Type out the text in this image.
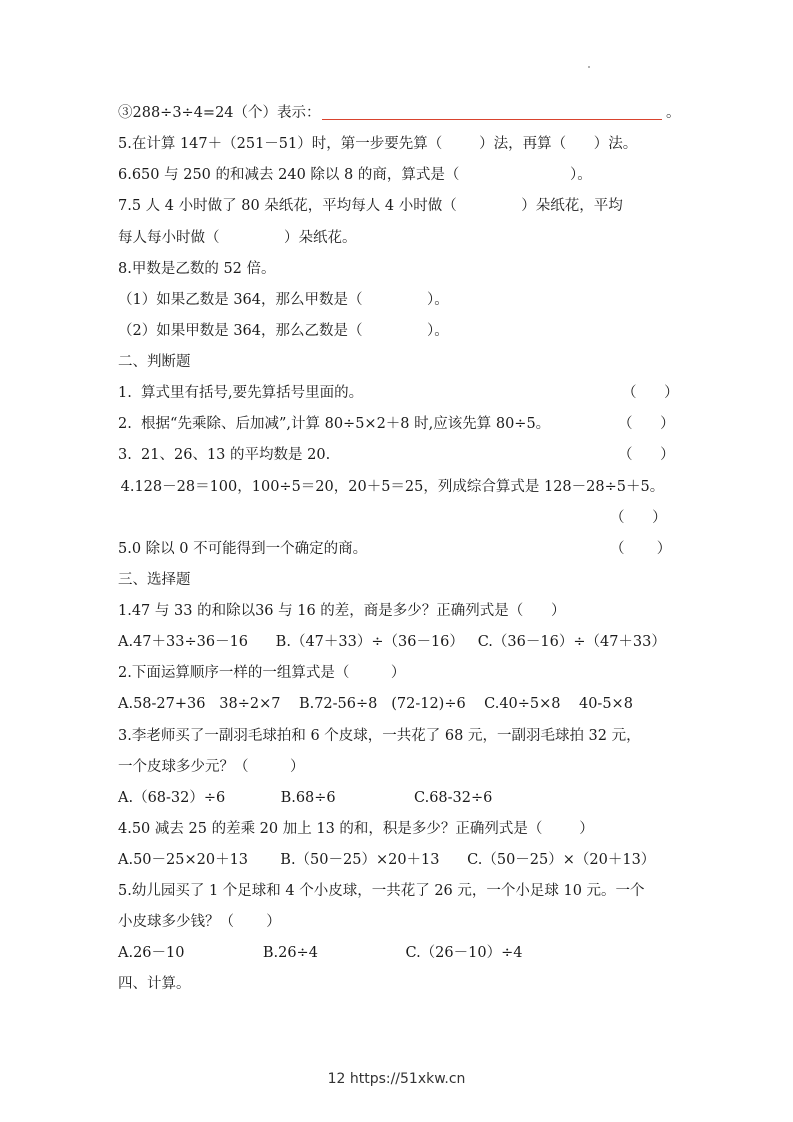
③288÷3÷4=24（个）表示：	。
5.在计算 147＋（251－51）时，第一步要先算（        ）法，再算（      ）法。
6.650 与 250 的和减去 240 除以 8 的商，算式是（                        ）。
7.5 人 4 小时做了 80 朵纸花，平均每人 4 小时做（              ）朵纸花，平均
每人每小时做（              ）朵纸花。
8.甲数是乙数的 52 倍。
（1）如果乙数是 364，那么甲数是（              ）。
（2）如果甲数是 364，那么乙数是（              ）。
二、判断题
1.  算式里有括号,要先算括号里面的。	（      ）
2.  根据“先乘除、后加减”,计算 80÷5×2＋8 时,应该先算 80÷5。	（      ）
3.  21、26、13 的平均数是 20.	（      ）
4.128－28＝100，100÷5＝20，20＋5＝25，列成综合算式是 128－28÷5＋5。
（      ）
5.0 除以 0 不可能得到一个确定的商。	（       ）
三、选择题
1.47 与 33 的和除以36 与 16 的差，商是多少？正确列式是（      ）
A.47＋33÷36－16      B.（47＋33）÷（36－16）   C.（36－16）÷（47＋33）
2.下面运算顺序一样的一组算式是（         ）
A.58-27+36   38÷2×7    B.72-56÷8   (72-12)÷6    C.40÷5×8    40-5×8
3.李老师买了一副羽毛球拍和 6 个皮球，一共花了 68 元，一副羽毛球拍 32 元，
一个皮球多少元？（         ）
A.（68-32）÷6            B.68÷6                 C.68-32÷6
4.50 减去 25 的差乘 20 加上 13 的和，积是多少？正确列式是（        ）
A.50－25×20＋13       B.（50－25）×20＋13      C.（50－25）×（20＋13）
5.幼儿园买了 1 个足球和 4 个小皮球，一共花了 26 元，一个小足球 10 元。一个
小皮球多少钱？（       ）
A.26－10                 B.26÷4                   C.（26－10）÷4
四、计算。
12 https://51xkw.cn
